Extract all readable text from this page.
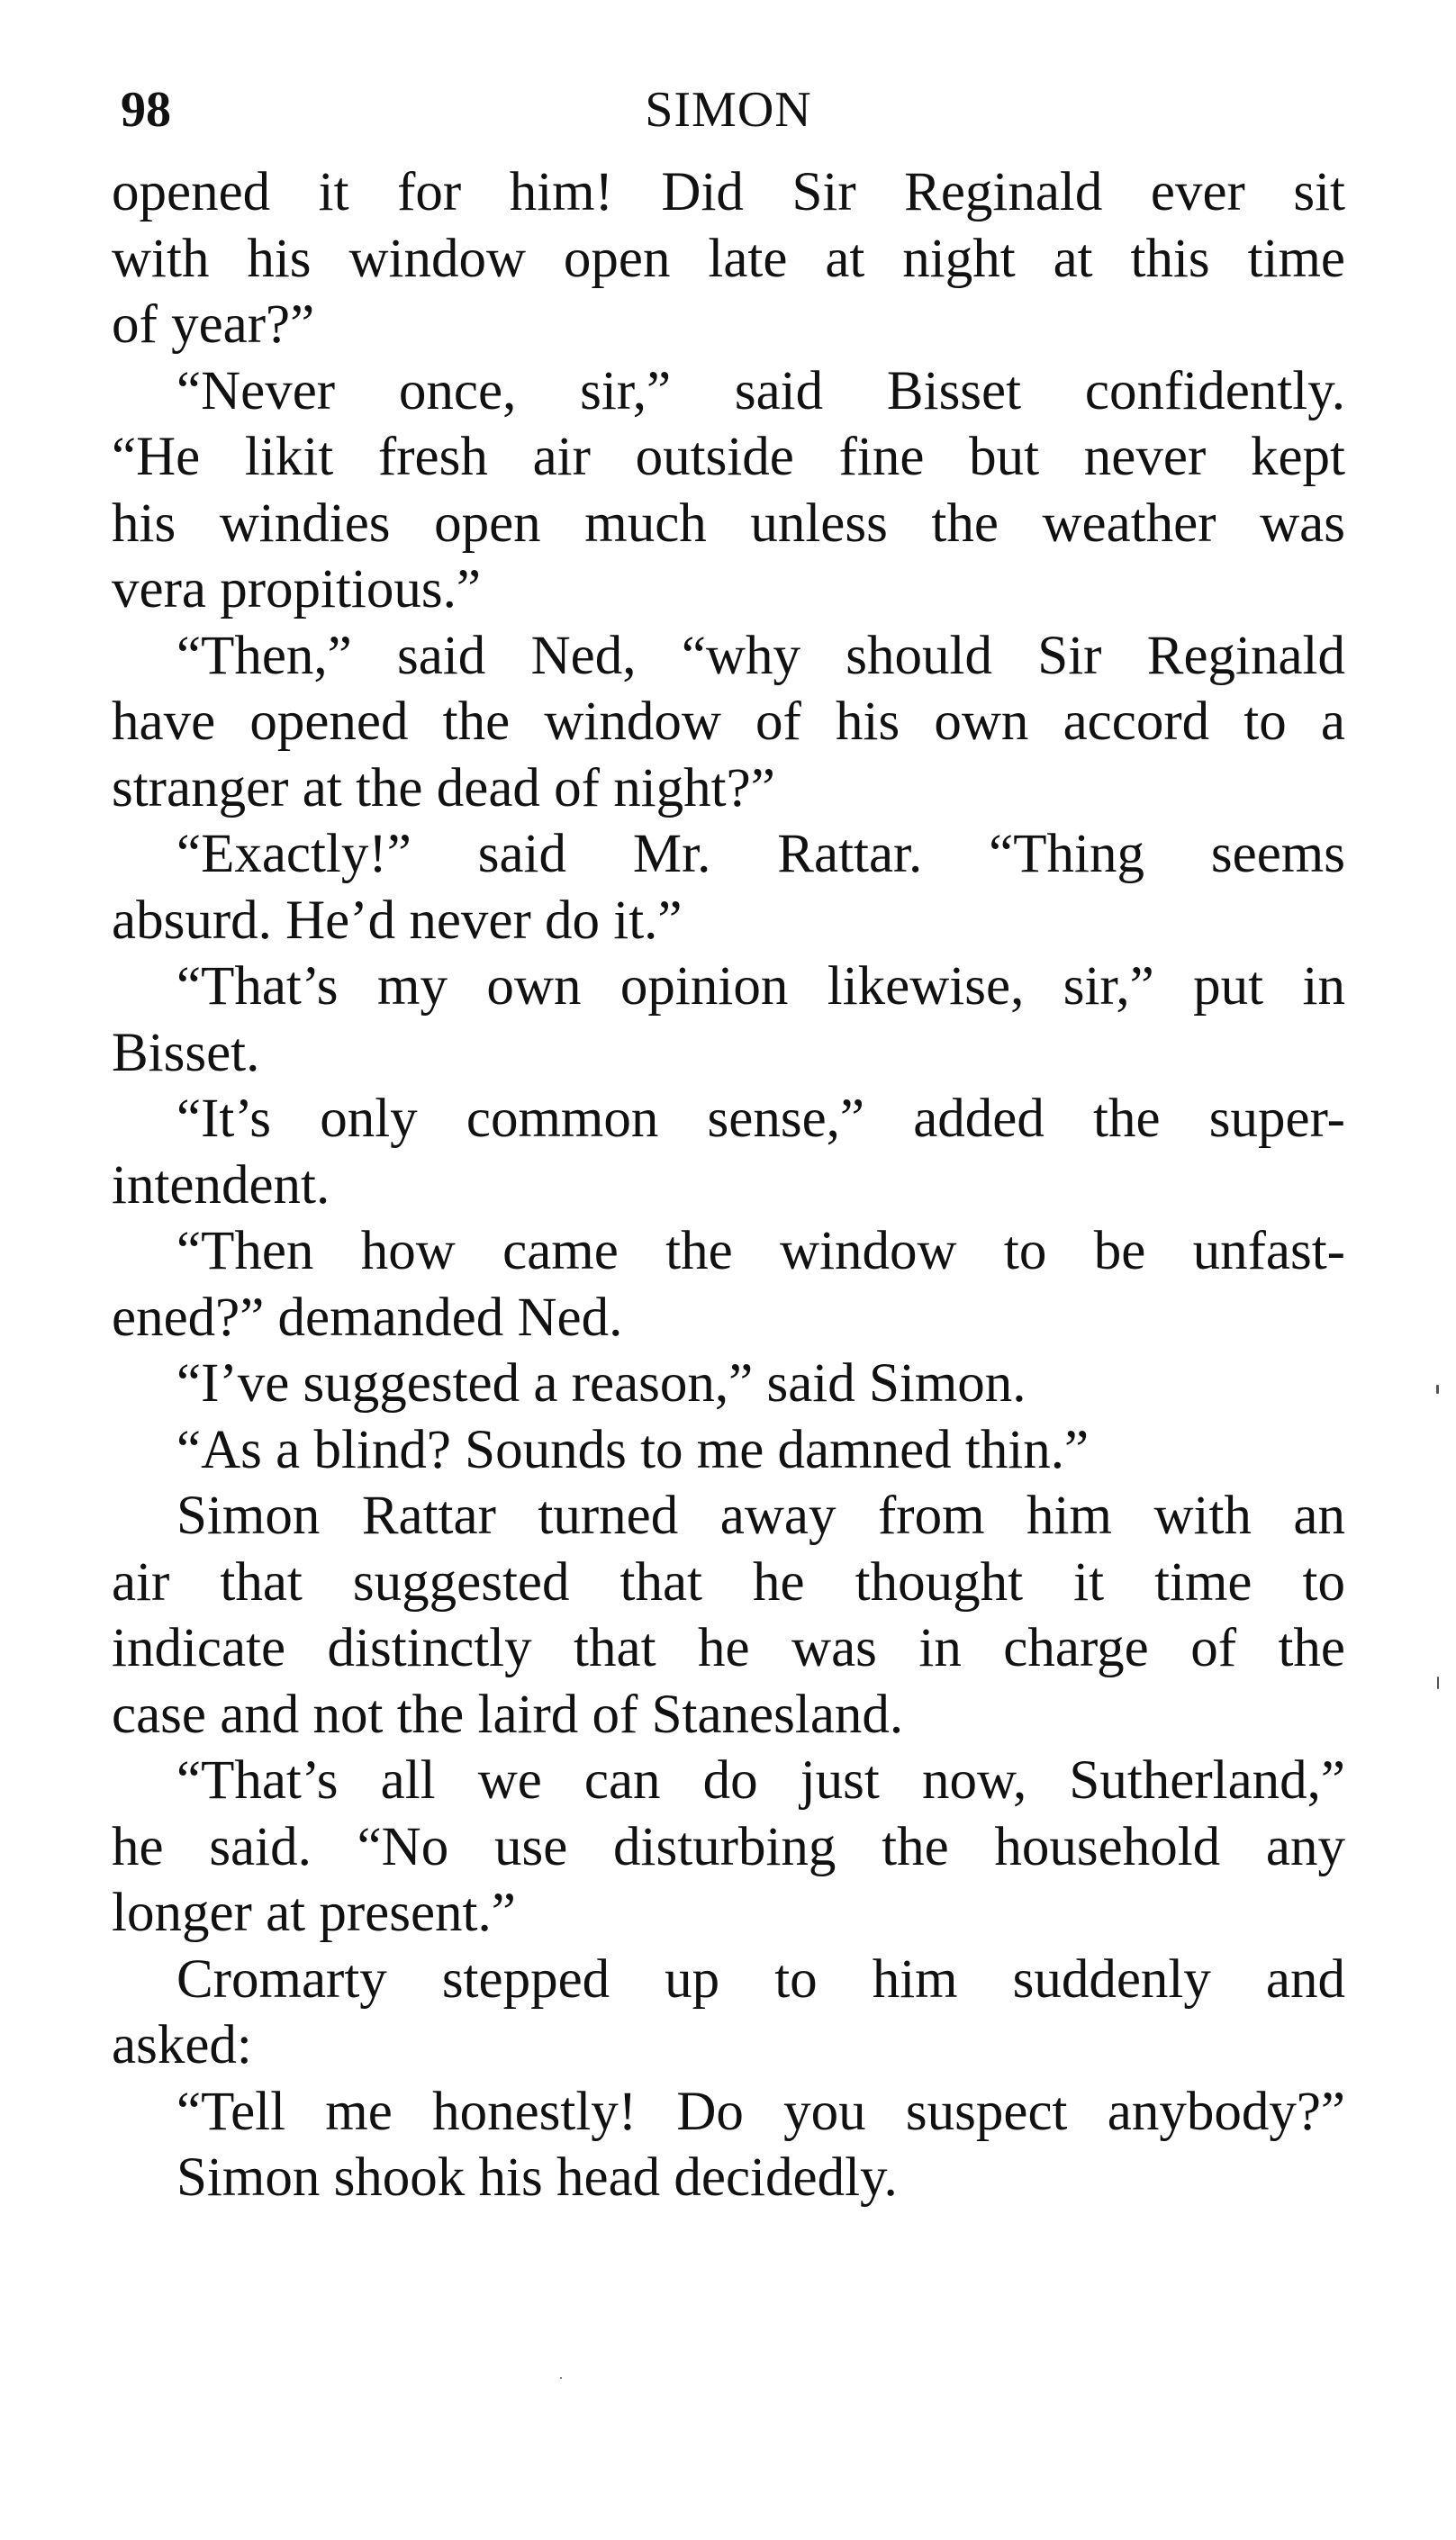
98	SIMON
opened it for him! Did Sir Reginald ever sit
with his window open late at night at this time
of year?”
“Never once, sir,” said Bisset confidently.
“He likit fresh air outside fine but never kept
his windies open much unless the weather was
vera propitious.”
“Then,” said Ned, “why should Sir Reginald
have opened the window of his own accord to a
stranger at the dead of night?”
“Exactly!” said Mr. Rattar. “Thing seems
absurd. He’d never do it.”
“That’s my own opinion likewise, sir,” put in
Bisset.
“It’s only common sense,” added the super-
intendent.
“Then how came the window to be unfast-
ened?” demanded Ned.
“I’ve suggested a reason,” said Simon.
“As a blind? Sounds to me damned thin.”
Simon Rattar turned away from him with an
air that suggested that he thought it time to
indicate distinctly that he was in charge of the
case and not the laird of Stanesland.
“That’s all we can do just now, Sutherland,”
he said. “No use disturbing the household any
longer at present.”
Cromarty stepped up to him suddenly and
asked:
“Tell me honestly! Do you suspect anybody?”
Simon shook his head decidedly.
